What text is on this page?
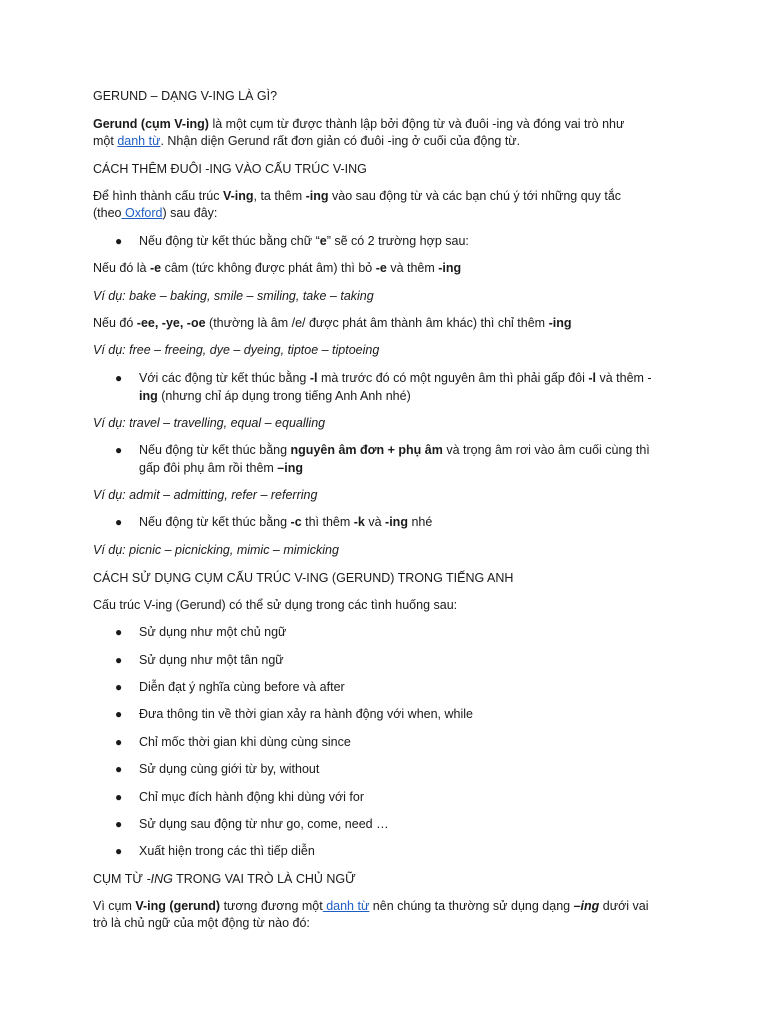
GERUND – DẠNG V-ING LÀ GÌ?
Gerund (cụm V-ing) là một cụm từ được thành lập bởi động từ và đuôi -ing và đóng vai trò như
một danh từ. Nhận diện Gerund rất đơn giản có đuôi -ing ở cuối của động từ.
CÁCH THÊM ĐUÔI -ING VÀO CẤU TRÚC V-ING
Để hình thành cấu trúc V-ing, ta thêm -ing vào sau động từ và các bạn chú ý tới những quy tắc
(theo Oxford) sau đây:
● Nếu động từ kết thúc bằng chữ “e” sẽ có 2 trường hợp sau:
Nếu đó là -e câm (tức không được phát âm) thì bỏ -e và thêm -ing
Ví dụ: bake – baking, smile – smiling, take – taking
Nếu đó -ee, -ye, -oe (thường là âm /e/ được phát âm thành âm khác) thì chỉ thêm -ing
Ví dụ: free – freeing, dye – dyeing, tiptoe – tiptoeing
● Với các động từ kết thúc bằng -l mà trước đó có một nguyên âm thì phải gấp đôi -l và thêm -
ing (nhưng chỉ áp dụng trong tiếng Anh Anh nhé)
Ví dụ: travel – travelling, equal – equalling
● Nếu động từ kết thúc bằng nguyên âm đơn + phụ âm và trọng âm rơi vào âm cuối cùng thì
gấp đôi phụ âm rồi thêm –ing
Ví dụ: admit – admitting, refer – referring
● Nếu động từ kết thúc bằng -c thì thêm -k và -ing nhé
Ví dụ: picnic – picnicking, mimic – mimicking
CÁCH SỬ DỤNG CỤM CẤU TRÚC V-ING (GERUND) TRONG TIẾNG ANH
Cấu trúc V-ing (Gerund) có thể sử dụng trong các tình huống sau:
● Sử dụng như một chủ ngữ
● Sử dụng như một tân ngữ
● Diễn đạt ý nghĩa cùng before và after
● Đưa thông tin về thời gian xảy ra hành động với when, while
● Chỉ mốc thời gian khi dùng cùng since
● Sử dụng cùng giới từ by, without
● Chỉ mục đích hành động khi dùng với for
● Sử dụng sau động từ như go, come, need …
● Xuất hiện trong các thì tiếp diễn
CỤM TỪ -ING TRONG VAI TRÒ LÀ CHỦ NGỮ
Vì cụm V-ing (gerund) tương đương một danh từ nên chúng ta thường sử dụng dạng –ing dưới vai
trò là chủ ngữ của một động từ nào đó:
